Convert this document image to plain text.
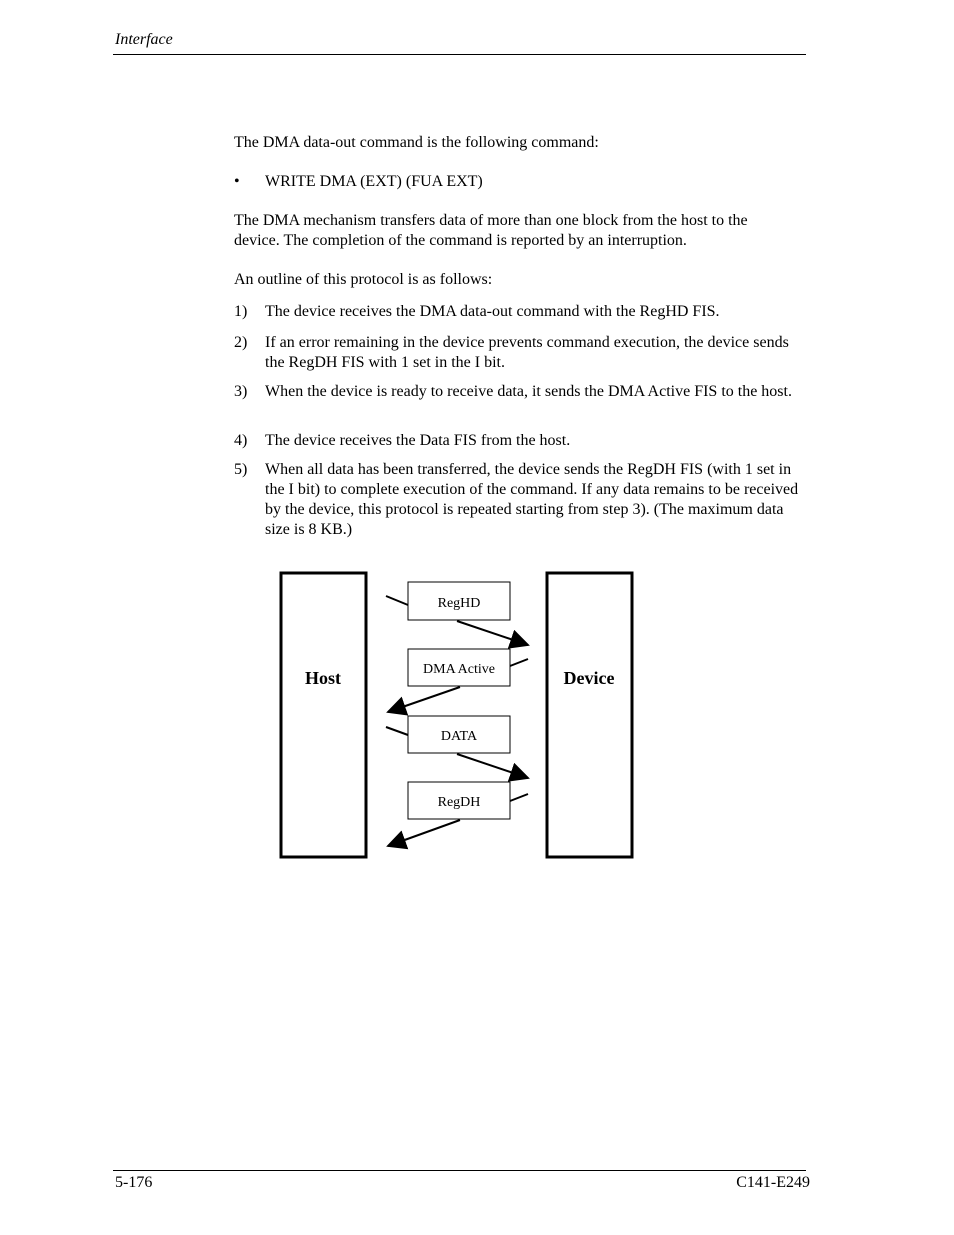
Interface
The DMA data-out command is the following command:
• WRITE DMA (EXT) (FUA EXT)
The DMA mechanism transfers data of more than one block from the host to the device. The completion of the command is reported by an interruption.
An outline of this protocol is as follows:
1) The device receives the DMA data-out command with the RegHD FIS.
2) If an error remaining in the device prevents command execution, the device sends the RegDH FIS with 1 set in the I bit.
3) When the device is ready to receive data, it sends the DMA Active FIS to the host.
4) The device receives the Data FIS from the host.
5) When all data has been transferred, the device sends the RegDH FIS (with 1 set in the I bit) to complete execution of the command. If any data remains to be received by the device, this protocol is repeated starting from step 3). (The maximum data size is 8 KB.)
Host	Device
RegHD
DMA Active
DATA
RegDH
5-176	C141-E249
